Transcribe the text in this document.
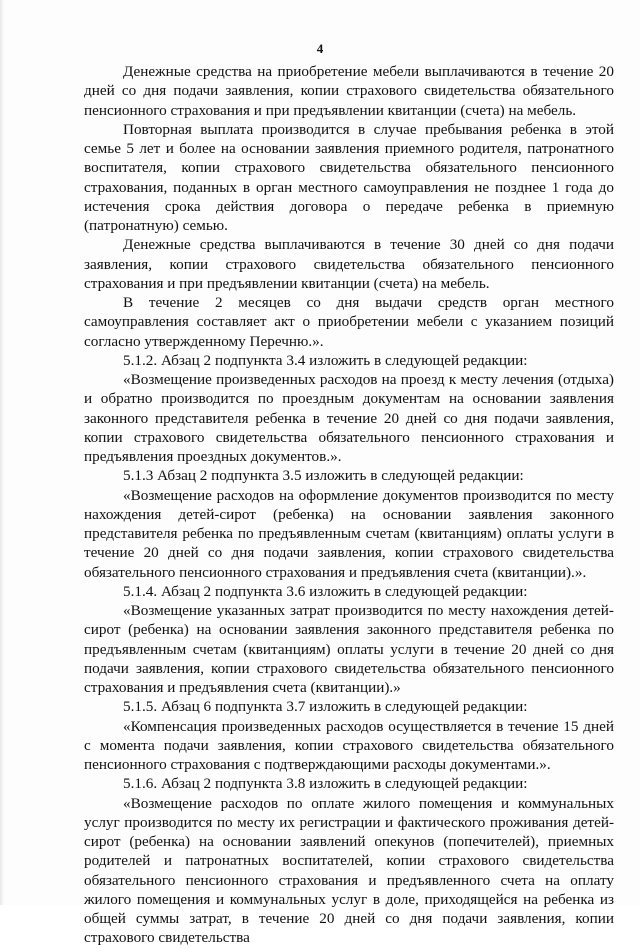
4

Денежные средства на приобретение мебели выплачиваются в течение 20 дней со дня подачи заявления, копии страхового свидетельства обязательного пенсионного страхования и при предъявлении квитанции (счета) на мебель.

Повторная выплата производится в случае пребывания ребенка в этой семье 5 лет и более на основании заявления приемного родителя, патронатного воспитателя, копии страхового свидетельства обязательного пенсионного страхования, поданных в орган местного самоуправления не позднее 1 года до истечения срока действия договора о передаче ребенка в приемную (патронатную) семью.

Денежные средства выплачиваются в течение 30 дней со дня подачи заявления, копии страхового свидетельства обязательного пенсионного страхования и при предъявлении квитанции (счета) на мебель.

В течение 2 месяцев со дня выдачи средств орган местного самоуправления составляет акт о приобретении мебели с указанием позиций согласно утвержденному Перечню.».

5.1.2. Абзац 2 подпункта 3.4 изложить в следующей редакции:

«Возмещение произведенных расходов на проезд к месту лечения (отдыха) и обратно производится по проездным документам на основании заявления законного представителя ребенка в течение 20 дней со дня подачи заявления, копии страхового свидетельства обязательного пенсионного страхования и предъявления проездных документов.».

5.1.3 Абзац 2 подпункта 3.5 изложить в следующей редакции:

«Возмещение расходов на оформление документов производится по месту нахождения детей-сирот (ребенка) на основании заявления законного представителя ребенка по предъявленным счетам (квитанциям) оплаты услуги в течение 20 дней со дня подачи заявления, копии страхового свидетельства обязательного пенсионного страхования и предъявления счета (квитанции).».

5.1.4. Абзац 2 подпункта 3.6 изложить в следующей редакции:

«Возмещение указанных затрат производится по месту нахождения детей-сирот (ребенка) на основании заявления законного представителя ребенка по предъявленным счетам (квитанциям) оплаты услуги в течение 20 дней со дня подачи заявления, копии страхового свидетельства обязательного пенсионного страхования и предъявления счета (квитанции).»

5.1.5. Абзац 6 подпункта 3.7 изложить в следующей редакции:

«Компенсация произведенных расходов осуществляется в течение 15 дней с момента подачи заявления, копии страхового свидетельства обязательного пенсионного страхования с подтверждающими расходы документами.».

5.1.6. Абзац 2 подпункта 3.8 изложить в следующей редакции:

«Возмещение расходов по оплате жилого помещения и коммунальных услуг производится по месту их регистрации и фактического проживания детей-сирот (ребенка) на основании заявлений опекунов (попечителей), приемных родителей и патронатных воспитателей, копии страхового свидетельства обязательного пенсионного страхования и предъявленного счета на оплату жилого помещения и коммунальных услуг в доле, приходящейся на ребенка из общей суммы затрат, в течение 20 дней со дня подачи заявления, копии страхового свидетельства
